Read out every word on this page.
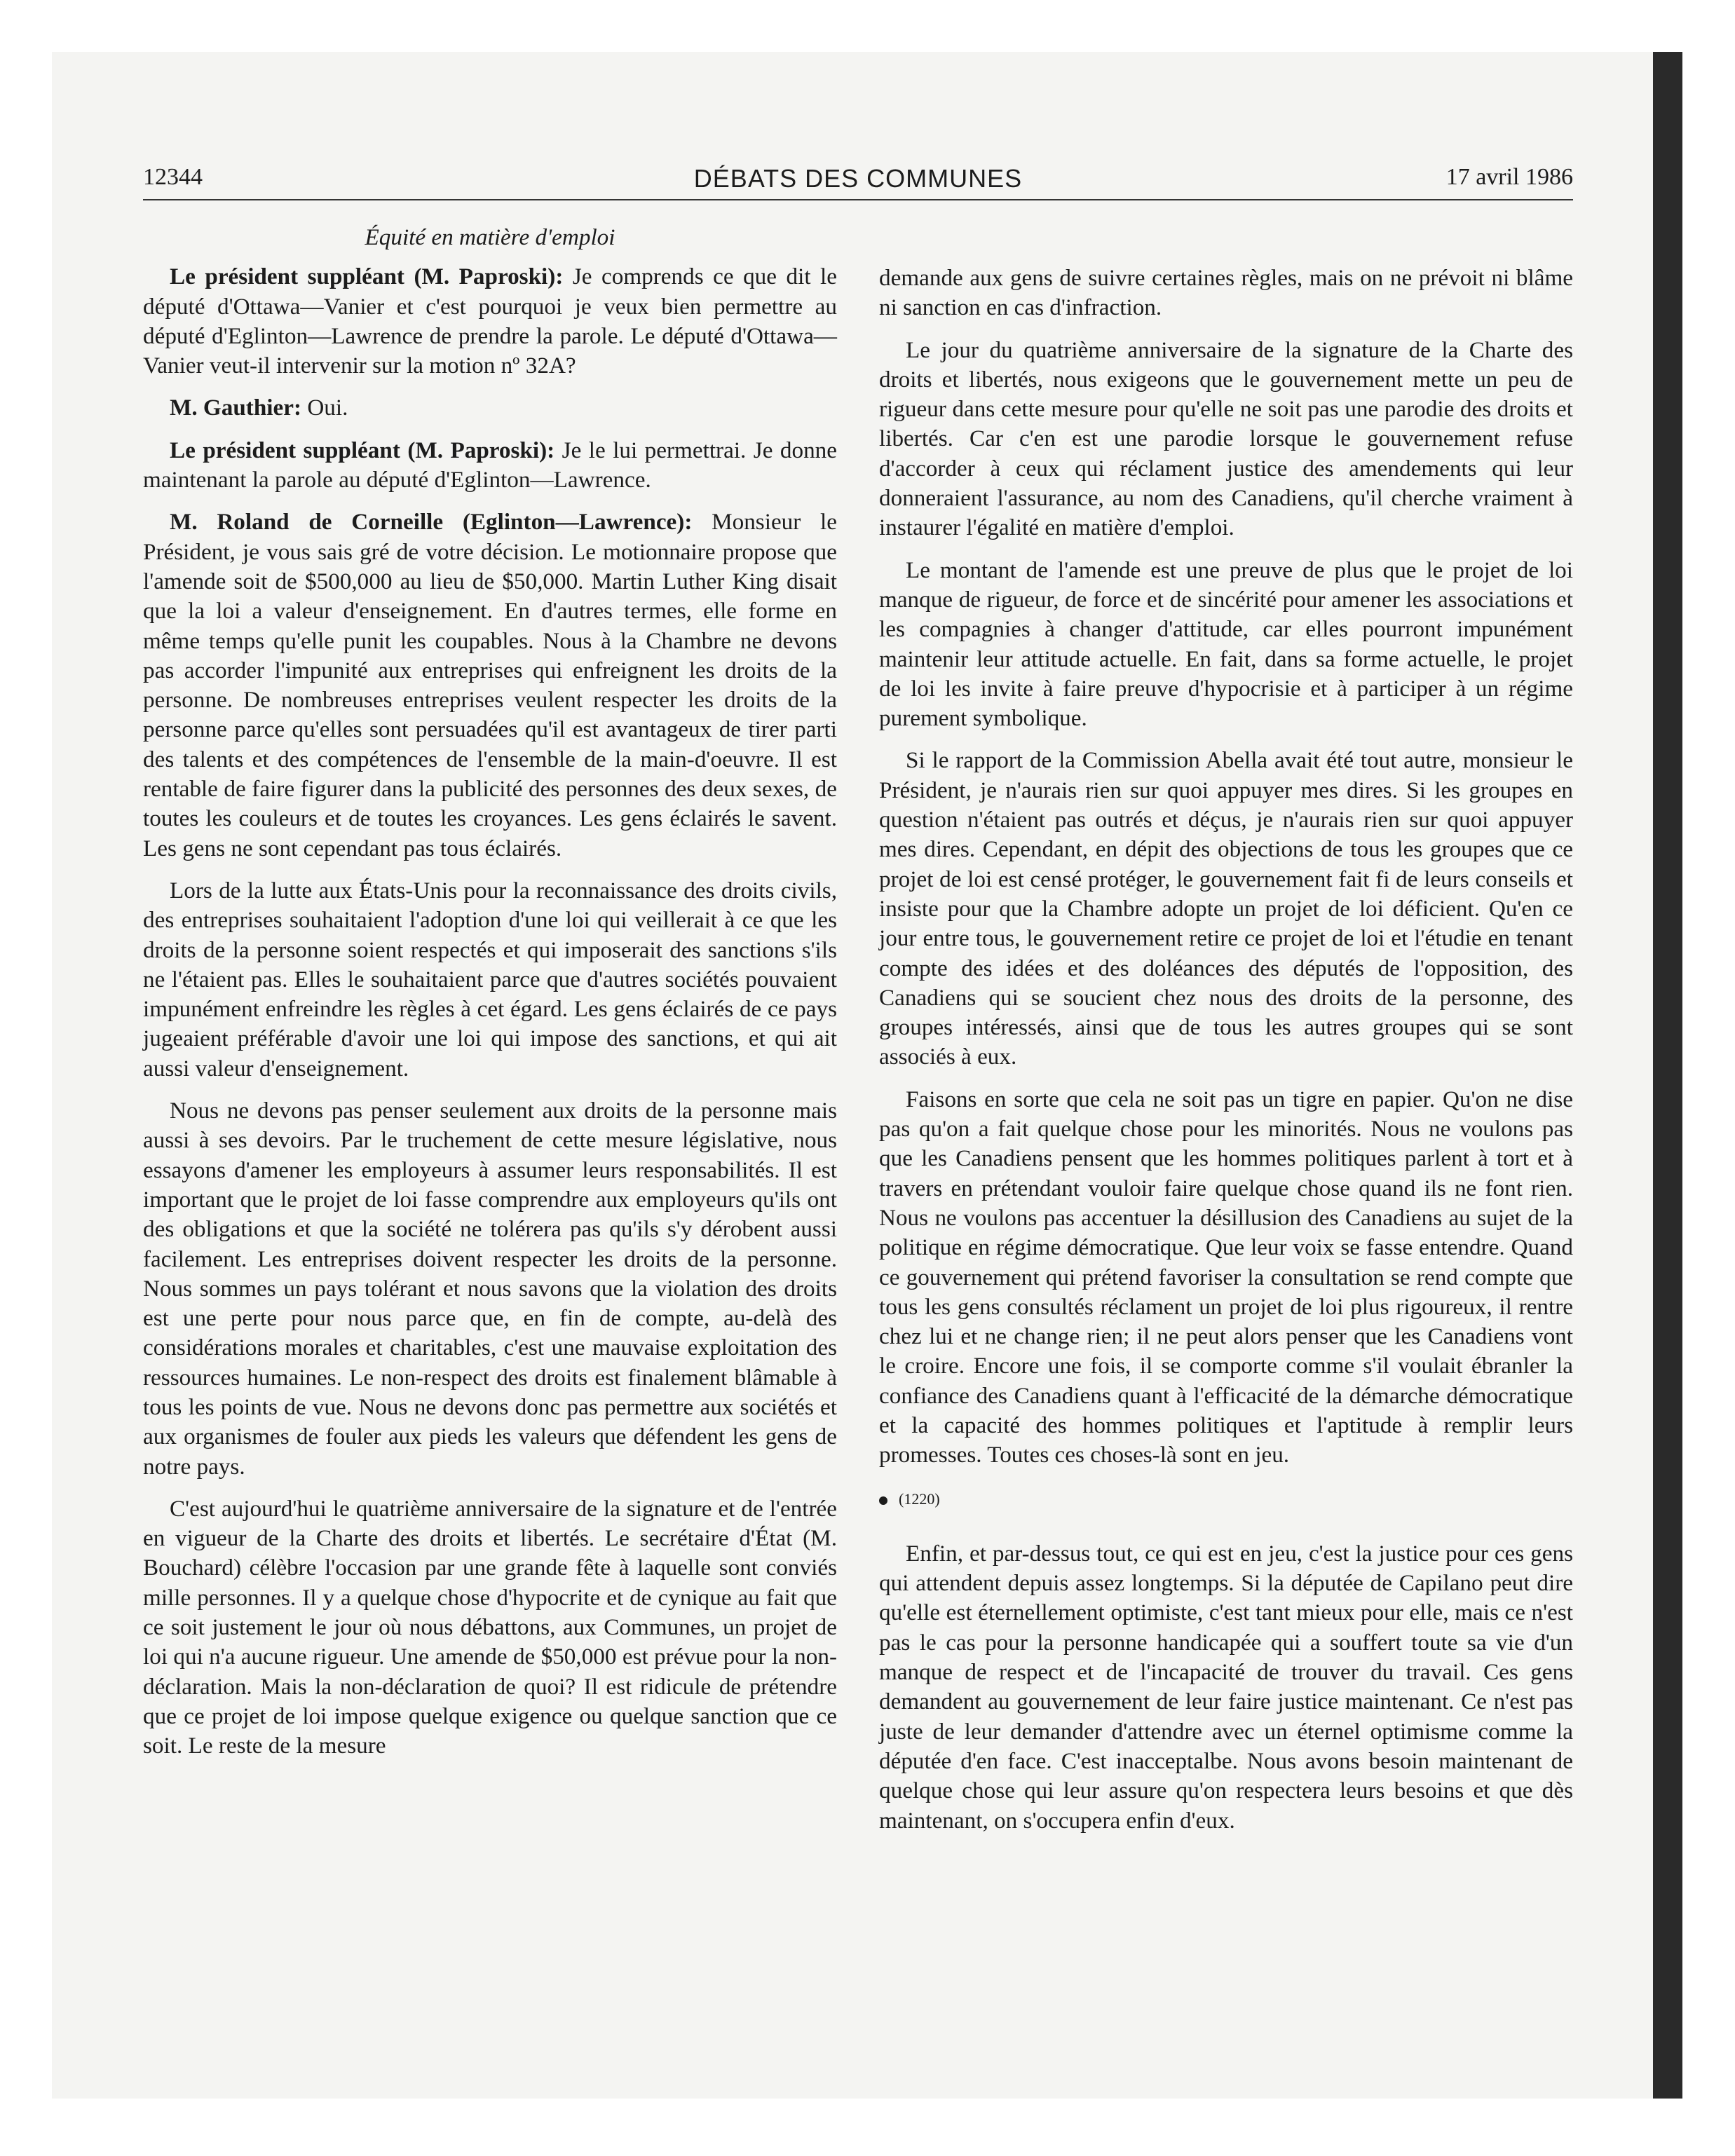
12344	DÉBATS DES COMMUNES	17 avril 1986
Équité en matière d'emploi

Le président suppléant (M. Paproski): Je comprends ce que dit le député d'Ottawa—Vanier et c'est pourquoi je veux bien permettre au député d'Eglinton—Lawrence de prendre la parole. Le député d'Ottawa—Vanier veut-il intervenir sur la motion nº 32A?

M. Gauthier: Oui.

Le président suppléant (M. Paproski): Je le lui permettrai. Je donne maintenant la parole au député d'Eglinton—Lawrence.

M. Roland de Corneille (Eglinton—Lawrence): Monsieur le Président, je vous sais gré de votre décision. Le motionnaire propose que l'amende soit de $500,000 au lieu de $50,000. Martin Luther King disait que la loi a valeur d'enseignement. En d'autres termes, elle forme en même temps qu'elle punit les coupables. Nous à la Chambre ne devons pas accorder l'impunité aux entreprises qui enfreignent les droits de la personne. De nombreuses entreprises veulent respecter les droits de la personne parce qu'elles sont persuadées qu'il est avantageux de tirer parti des talents et des compétences de l'ensemble de la main-d'oeuvre. Il est rentable de faire figurer dans la publicité des personnes des deux sexes, de toutes les couleurs et de toutes les croyances. Les gens éclairés le savent. Les gens ne sont cependant pas tous éclairés.

Lors de la lutte aux États-Unis pour la reconnaissance des droits civils, des entreprises souhaitaient l'adoption d'une loi qui veillerait à ce que les droits de la personne soient respectés et qui imposerait des sanctions s'ils ne l'étaient pas. Elles le souhaitaient parce que d'autres sociétés pouvaient impunément enfreindre les règles à cet égard. Les gens éclairés de ce pays jugeaient préférable d'avoir une loi qui impose des sanctions, et qui ait aussi valeur d'enseignement.

Nous ne devons pas penser seulement aux droits de la personne mais aussi à ses devoirs. Par le truchement de cette mesure législative, nous essayons d'amener les employeurs à assumer leurs responsabilités. Il est important que le projet de loi fasse comprendre aux employeurs qu'ils ont des obligations et que la société ne tolérera pas qu'ils s'y dérobent aussi facilement. Les entreprises doivent respecter les droits de la personne. Nous sommes un pays tolérant et nous savons que la violation des droits est une perte pour nous parce que, en fin de compte, au-delà des considérations morales et charitables, c'est une mauvaise exploitation des ressources humaines. Le non-respect des droits est finalement blâmable à tous les points de vue. Nous ne devons donc pas permettre aux sociétés et aux organismes de fouler aux pieds les valeurs que défendent les gens de notre pays.

C'est aujourd'hui le quatrième anniversaire de la signature et de l'entrée en vigueur de la Charte des droits et libertés. Le secrétaire d'État (M. Bouchard) célèbre l'occasion par une grande fête à laquelle sont conviés mille personnes. Il y a quelque chose d'hypocrite et de cynique au fait que ce soit justement le jour où nous débattons, aux Communes, un projet de loi qui n'a aucune rigueur. Une amende de $50,000 est prévue pour la non-déclaration. Mais la non-déclaration de quoi? Il est ridicule de prétendre que ce projet de loi impose quelque exigence ou quelque sanction que ce soit. Le reste de la mesure

demande aux gens de suivre certaines règles, mais on ne prévoit ni blâme ni sanction en cas d'infraction.

Le jour du quatrième anniversaire de la signature de la Charte des droits et libertés, nous exigeons que le gouvernement mette un peu de rigueur dans cette mesure pour qu'elle ne soit pas une parodie des droits et libertés. Car c'en est une parodie lorsque le gouvernement refuse d'accorder à ceux qui réclament justice des amendements qui leur donneraient l'assurance, au nom des Canadiens, qu'il cherche vraiment à instaurer l'égalité en matière d'emploi.

Le montant de l'amende est une preuve de plus que le projet de loi manque de rigueur, de force et de sincérité pour amener les associations et les compagnies à changer d'attitude, car elles pourront impunément maintenir leur attitude actuelle. En fait, dans sa forme actuelle, le projet de loi les invite à faire preuve d'hypocrisie et à participer à un régime purement symbolique.

Si le rapport de la Commission Abella avait été tout autre, monsieur le Président, je n'aurais rien sur quoi appuyer mes dires. Si les groupes en question n'étaient pas outrés et déçus, je n'aurais rien sur quoi appuyer mes dires. Cependant, en dépit des objections de tous les groupes que ce projet de loi est censé protéger, le gouvernement fait fi de leurs conseils et insiste pour que la Chambre adopte un projet de loi déficient. Qu'en ce jour entre tous, le gouvernement retire ce projet de loi et l'étudie en tenant compte des idées et des doléances des députés de l'opposition, des Canadiens qui se soucient chez nous des droits de la personne, des groupes intéressés, ainsi que de tous les autres groupes qui se sont associés à eux.

Faisons en sorte que cela ne soit pas un tigre en papier. Qu'on ne dise pas qu'on a fait quelque chose pour les minorités. Nous ne voulons pas que les Canadiens pensent que les hommes politiques parlent à tort et à travers en prétendant vouloir faire quelque chose quand ils ne font rien. Nous ne voulons pas accentuer la désillusion des Canadiens au sujet de la politique en régime démocratique. Que leur voix se fasse entendre. Quand ce gouvernement qui prétend favoriser la consultation se rend compte que tous les gens consultés réclament un projet de loi plus rigoureux, il rentre chez lui et ne change rien; il ne peut alors penser que les Canadiens vont le croire. Encore une fois, il se comporte comme s'il voulait ébranler la confiance des Canadiens quant à l'efficacité de la démarche démocratique et la capacité des hommes politiques et l'aptitude à remplir leurs promesses. Toutes ces choses-là sont en jeu.

(1220)

Enfin, et par-dessus tout, ce qui est en jeu, c'est la justice pour ces gens qui attendent depuis assez longtemps. Si la députée de Capilano peut dire qu'elle est éternellement optimiste, c'est tant mieux pour elle, mais ce n'est pas le cas pour la personne handicapée qui a souffert toute sa vie d'un manque de respect et de l'incapacité de trouver du travail. Ces gens demandent au gouvernement de leur faire justice maintenant. Ce n'est pas juste de leur demander d'attendre avec un éternel optimisme comme la députée d'en face. C'est inacceptalbe. Nous avons besoin maintenant de quelque chose qui leur assure qu'on respectera leurs besoins et que dès maintenant, on s'occupera enfin d'eux.
